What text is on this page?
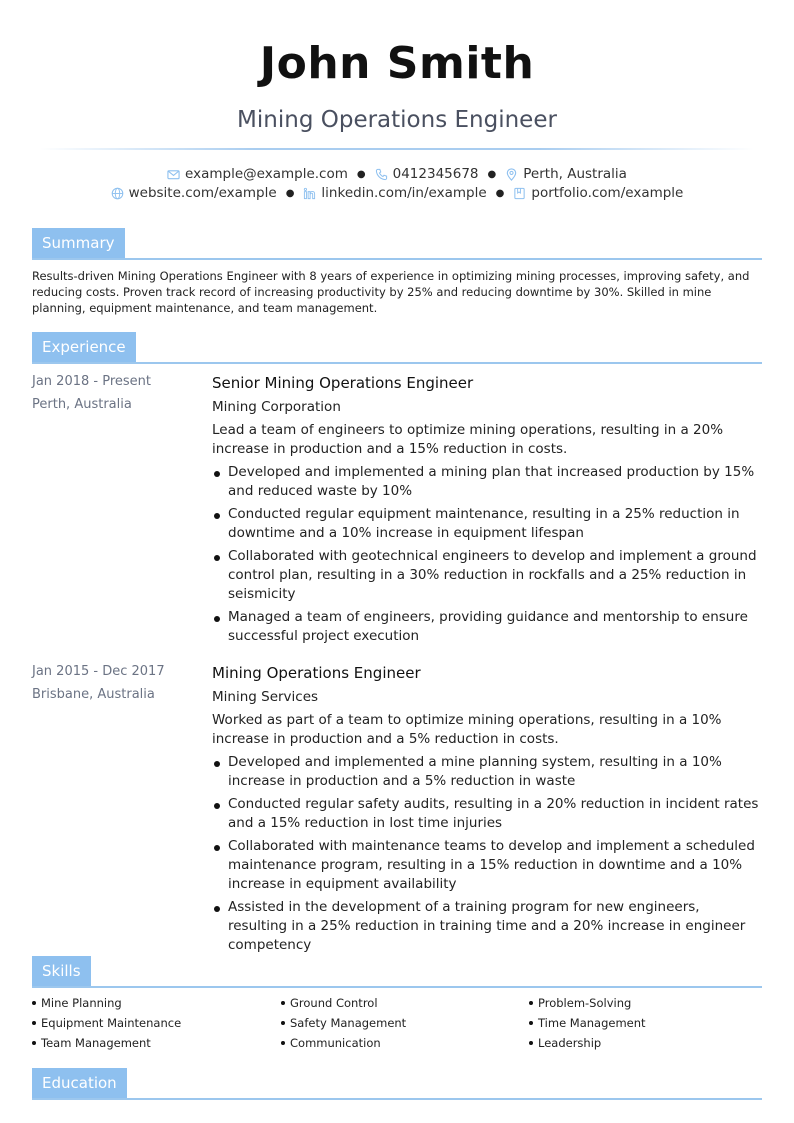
John Smith
Mining Operations Engineer
example@example.com ● 0412345678 ● Perth, Australia
website.com/example ● linkedin.com/in/example ● portfolio.com/example
Summary
Results-driven Mining Operations Engineer with 8 years of experience in optimizing mining processes, improving safety, and reducing costs. Proven track record of increasing productivity by 25% and reducing downtime by 30%. Skilled in mine planning, equipment maintenance, and team management.
Experience
Jan 2018 - Present
Perth, Australia
Senior Mining Operations Engineer
Mining Corporation
Lead a team of engineers to optimize mining operations, resulting in a 20% increase in production and a 15% reduction in costs.
Developed and implemented a mining plan that increased production by 15% and reduced waste by 10%
Conducted regular equipment maintenance, resulting in a 25% reduction in downtime and a 10% increase in equipment lifespan
Collaborated with geotechnical engineers to develop and implement a ground control plan, resulting in a 30% reduction in rockfalls and a 25% reduction in seismicity
Managed a team of engineers, providing guidance and mentorship to ensure successful project execution
Jan 2015 - Dec 2017
Brisbane, Australia
Mining Operations Engineer
Mining Services
Worked as part of a team to optimize mining operations, resulting in a 10% increase in production and a 5% reduction in costs.
Developed and implemented a mine planning system, resulting in a 10% increase in production and a 5% reduction in waste
Conducted regular safety audits, resulting in a 20% reduction in incident rates and a 15% reduction in lost time injuries
Collaborated with maintenance teams to develop and implement a scheduled maintenance program, resulting in a 15% reduction in downtime and a 10% increase in equipment availability
Assisted in the development of a training program for new engineers, resulting in a 25% reduction in training time and a 20% increase in engineer competency
Skills
Mine Planning	Ground Control	Problem-Solving
Equipment Maintenance	Safety Management	Time Management
Team Management	Communication	Leadership
Education
